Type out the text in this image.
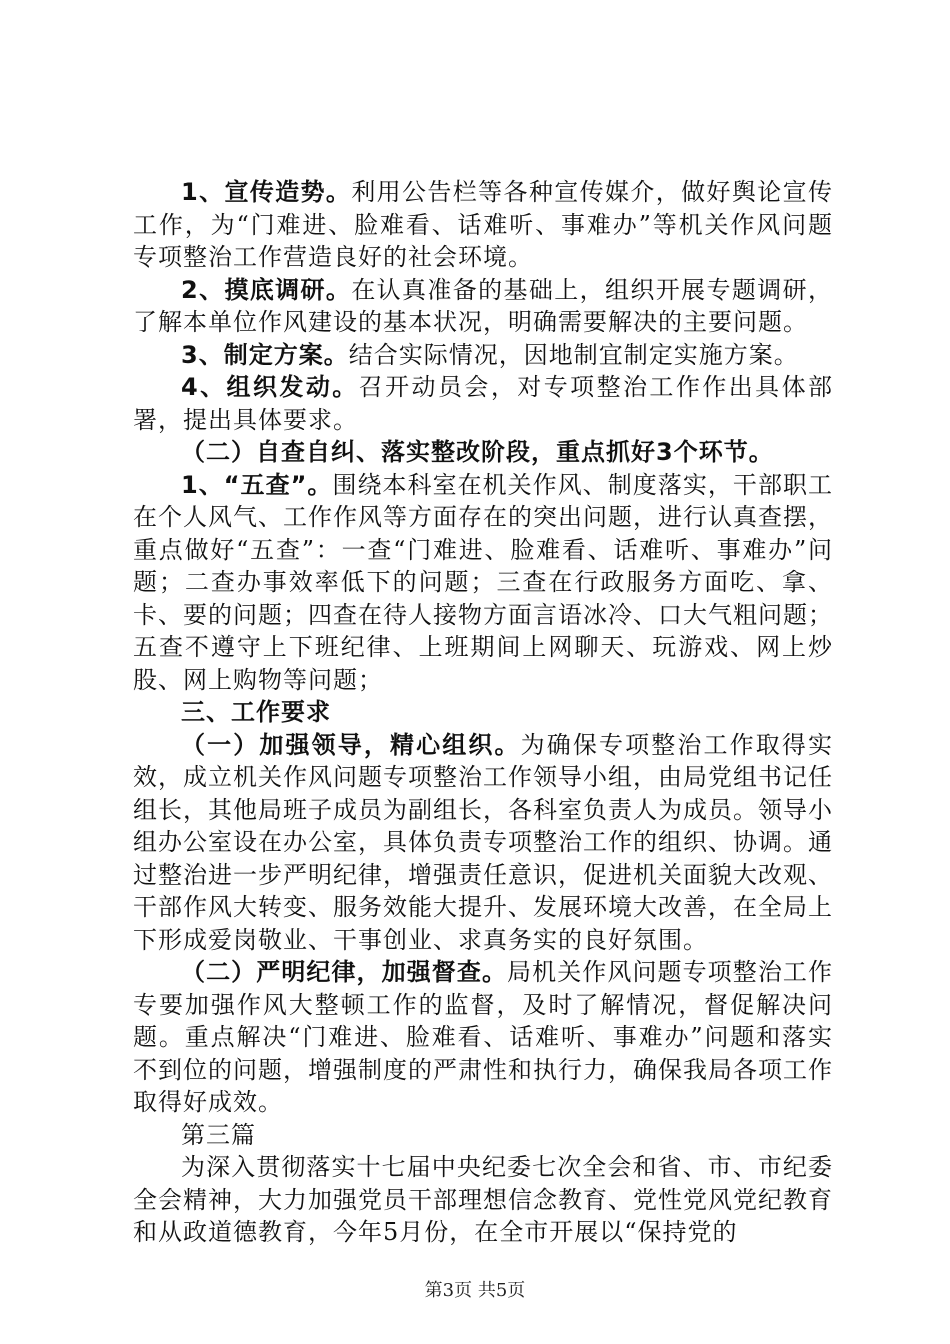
1、宣传造势。利用公告栏等各种宣传媒介，做好舆论宣传工作，为“门难进、脸难看、话难听、事难办”等机关作风问题专项整治工作营造良好的社会环境。

2、摸底调研。在认真准备的基础上，组织开展专题调研，了解本单位作风建设的基本状况，明确需要解决的主要问题。

3、制定方案。结合实际情况，因地制宜制定实施方案。

4、组织发动。召开动员会，对专项整治工作作出具体部署，提出具体要求。

（二）自查自纠、落实整改阶段，重点抓好3个环节。

1、“五查”。围绕本科室在机关作风、制度落实，干部职工在个人风气、工作作风等方面存在的突出问题，进行认真查摆，重点做好“五查”：一查“门难进、脸难看、话难听、事难办”问题；二查办事效率低下的问题；三查在行政服务方面吃、拿、卡、要的问题；四查在待人接物方面言语冰冷、口大气粗问题；五查不遵守上下班纪律、上班期间上网聊天、玩游戏、网上炒股、网上购物等问题；

三、工作要求

（一）加强领导，精心组织。为确保专项整治工作取得实效，成立机关作风问题专项整治工作领导小组，由局党组书记任组长，其他局班子成员为副组长，各科室负责人为成员。领导小组办公室设在办公室，具体负责专项整治工作的组织、协调。通过整治进一步严明纪律，增强责任意识，促进机关面貌大改观、干部作风大转变、服务效能大提升、发展环境大改善，在全局上下形成爱岗敬业、干事创业、求真务实的良好氛围。

（二）严明纪律，加强督查。局机关作风问题专项整治工作专要加强作风大整顿工作的监督，及时了解情况，督促解决问题。重点解决“门难进、脸难看、话难听、事难办”问题和落实不到位的问题，增强制度的严肃性和执行力，确保我局各项工作取得好成效。

第三篇

为深入贯彻落实十七届中央纪委七次全会和省、市、市纪委全会精神，大力加强党员干部理想信念教育、党性党风党纪教育和从政道德教育，今年5月份，在全市开展以“保持党的

第3页 共5页
